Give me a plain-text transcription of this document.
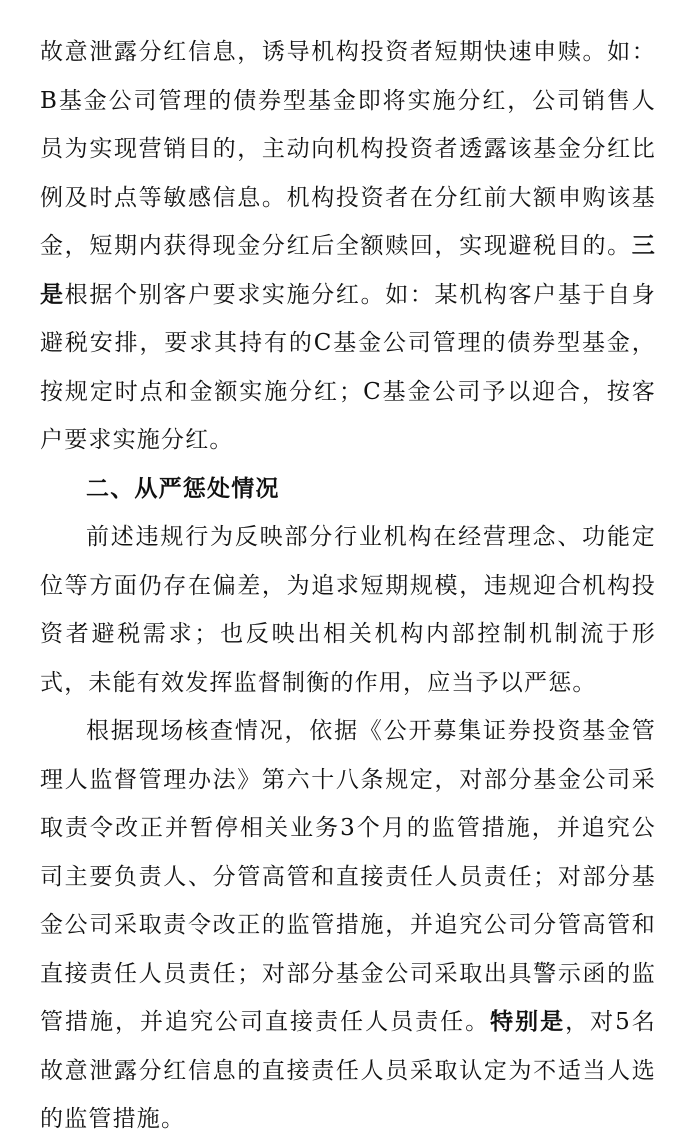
故意泄露分红信息，诱导机构投资者短期快速申赎。如：B基金公司管理的债券型基金即将实施分红，公司销售人员为实现营销目的，主动向机构投资者透露该基金分红比例及时点等敏感信息。机构投资者在分红前大额申购该基金，短期内获得现金分红后全额赎回，实现避税目的。三是根据个别客户要求实施分红。如：某机构客户基于自身避税安排，要求其持有的C基金公司管理的债券型基金，按规定时点和金额实施分红；C基金公司予以迎合，按客户要求实施分红。

二、从严惩处情况

前述违规行为反映部分行业机构在经营理念、功能定位等方面仍存在偏差，为追求短期规模，违规迎合机构投资者避税需求；也反映出相关机构内部控制机制流于形式，未能有效发挥监督制衡的作用，应当予以严惩。

根据现场核查情况，依据《公开募集证券投资基金管理人监督管理办法》第六十八条规定，对部分基金公司采取责令改正并暂停相关业务3个月的监管措施，并追究公司主要负责人、分管高管和直接责任人员责任；对部分基金公司采取责令改正的监管措施，并追究公司分管高管和直接责任人员责任；对部分基金公司采取出具警示函的监管措施，并追究公司直接责任人员责任。特别是，对5名故意泄露分红信息的直接责任人员采取认定为不适当人选的监管措施。
